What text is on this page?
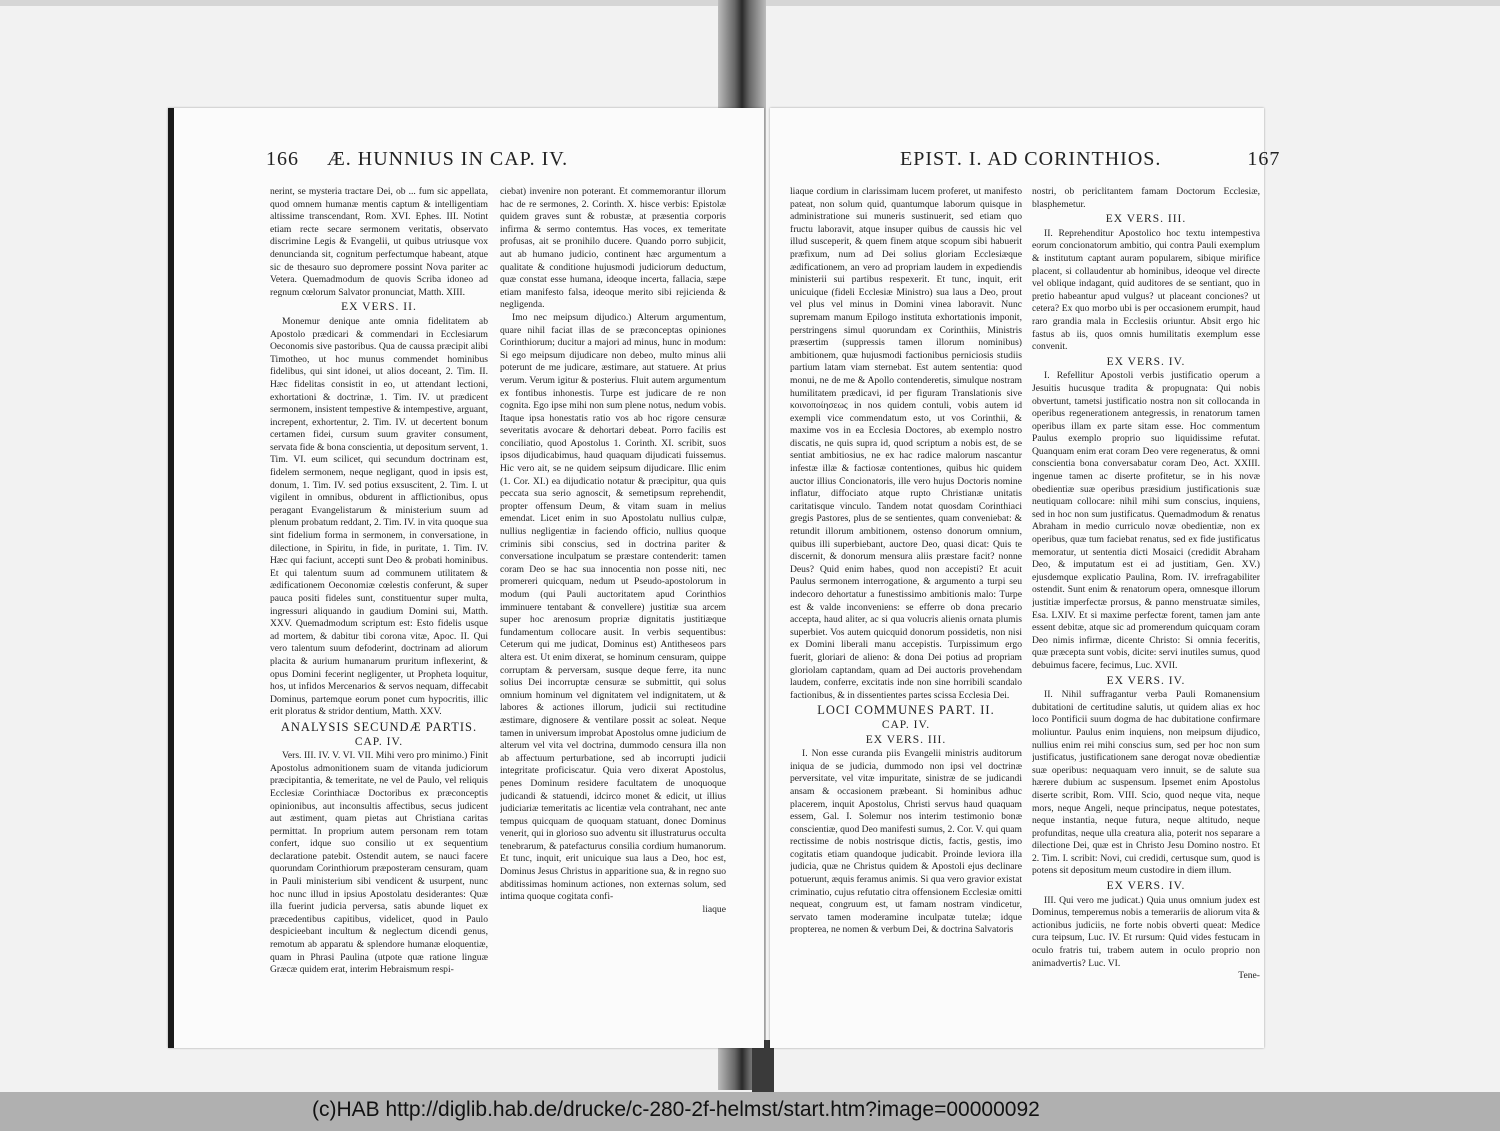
166 Æ. HUNNIUS IN CAP. IV.

nerint, se mysteria tractare Dei, ob ... fum sic appellata, quod omnem humanæ mentis captum & intelligentiam altissime transcendant, Rom. XVI. Ephes. III. Notint etiam recte secare sermonem veritatis, observato discrimine Legis & Evangelii, ut quibus utriusque vox denuncianda sit, cognitum perfectumque habeant, atque sic de thesauro suo depromere possint Nova pariter ac Vetera. Quemadmodum de quovis Scriba idoneo ad regnum cœlorum Salvator pronunciat, Matth. XIII.

EX VERS. II.

Monemur denique ante omnia fidelitatem ab Apostolo prædicari & commendari in Ecclesiarum Oeconomis sive pastoribus. Qua de caussa præcipit alibi Timotheo, ut hoc munus commendet hominibus fidelibus, qui sint idonei, ut alios doceant, 2. Tim. II. Hæc fidelitas consistit in eo, ut attendant lectioni, exhortationi & doctrinæ, 1. Tim. IV. ut prædicent sermonem, insistent tempestive & intempestive, arguant, increpent, exhortentur, 2. Tim. IV. ut decertent bonum certamen fidei, cursum suum graviter consument, servata fide & bona conscientia, ut depositum servent, 1. Tim. VI. eum scilicet, qui secundum doctrinam est, fidelem sermonem, neque negligant, quod in ipsis est, donum, 1. Tim. IV. sed potius exsuscitent, 2. Tim. I. ut vigilent in omnibus, obdurent in afflictionibus, opus peragant Evangelistarum & ministerium suum ad plenum probatum reddant, 2. Tim. IV. in vita quoque sua sint fidelium forma in sermonem, in conversatione, in dilectione, in Spiritu, in fide, in puritate, 1. Tim. IV. Hæc qui faciunt, accepti sunt Deo & probati hominibus. Et qui talentum suum ad communem utilitatem & ædificationem Oeconomiæ cœlestis conferunt, & super pauca positi fideles sunt, constituentur super multa, ingressuri aliquando in gaudium Domini sui, Matth. XXV. Quemadmodum scriptum est: Esto fidelis usque ad mortem, & dabitur tibi corona vitæ, Apoc. II. Qui vero talentum suum defoderint, doctrinam ad aliorum placita & aurium humanarum pruritum inflexerint, & opus Domini fecerint negligenter, ut Propheta loquitur, hos, ut infidos Mercenarios & servos nequam, diffecabit Dominus, partemque eorum ponet cum hypocritis, illic erit ploratus & stridor dentium, Matth. XXV.

ANALYSIS SECUNDÆ PARTIS.

CAP. IV.

Vers. III. IV. V. VI. VII. Mihi vero pro minimo.) Finit Apostolus admonitionem suam de vitanda judiciorum præcipitantia, & temeritate, ne vel de Paulo, vel reliquis Ecclesiæ Corinthiacæ Doctoribus ex præconceptis opinionibus, aut inconsultis affectibus, secus judicent aut æstiment, quam pietas aut Christiana caritas permittat. In proprium autem personam rem totam confert, idque suo consilio ut ex sequentium declaratione patebit. Ostendit autem, se nauci facere quorundam Corinthiorum præposteram censuram, quam in Pauli ministerium sibi vendicent & usurpent, nunc hoc nunc illud in ipsius Apostolatu desiderantes: Quæ illa fuerint judicia perversa, satis abunde liquet ex præcedentibus capitibus, videlicet, quod in Paulo despicieebant incultum & neglectum dicendi genus, remotum ab apparatu & splendore humanæ eloquentiæ, quam in Phrasi Paulina (utpote quæ ratione linguæ Græcæ quidem erat, interim Hebraismum respi-

ciebat) invenire non poterant. Et commemorantur illorum hac de re sermones, 2. Corinth. X. hisce verbis: Epistolæ quidem graves sunt & robustæ, at præsentia corporis infirma & sermo contemtus. Has voces, ex temeritate profusas, ait se pronihilo ducere. Quando porro subjicit, aut ab humano judicio, continent hæc argumentum a qualitate & conditione hujusmodi judiciorum deductum, quæ constat esse humana, ideoque incerta, fallacia, sæpe etiam manifesto falsa, ideoque merito sibi rejicienda & negligenda.

Imo nec meipsum dijudico.) Alterum argumentum, quare nihil faciat illas de se præconceptas opiniones Corinthiorum; ducitur a majori ad minus, hunc in modum: Si ego meipsum dijudicare non debeo, multo minus alii poterunt de me judicare, æstimare, aut statuere. At prius verum. Verum igitur & posterius. Fluit autem argumentum ex fontibus inhonestis. Turpe est judicare de re non cognita. Ego ipse mihi non sum plene notus, nedum vobis. Itaque ipsa honestatis ratio vos ab hoc rigore censuræ severitatis avocare & dehortari debeat. Porro facilis est conciliatio, quod Apostolus 1. Corinth. XI. scribit, suos ipsos dijudicabimus, haud quaquam dijudicati fuissemus. Hic vero ait, se ne quidem seipsum dijudicare. Illic enim (1. Cor. XI.) ea dijudicatio notatur & præcipitur, qua quis peccata sua serio agnoscit, & semetipsum reprehendit, propter offensum Deum, & vitam suam in melius emendat. Licet enim in suo Apostolatu nullius culpæ, nullius negligentiæ in faciendo officio, nullius quoque criminis sibi conscius, sed in doctrina pariter & conversatione inculpatum se præstare contenderit: tamen coram Deo se hac sua innocentia non posse niti, nec promereri quicquam, nedum ut Pseudo-apostolorum in modum (qui Pauli auctoritatem apud Corinthios imminuere tentabant & convellere) justitiæ sua arcem super hoc arenosum propriæ dignitatis justitiæque fundamentum collocare ausit. In verbis sequentibus: Ceterum qui me judicat, Dominus est) Antitheseos pars altera est. Ut enim dixerat, se hominum censuram, quippe corruptam & perversam, susque deque ferre, ita nunc solius Dei incorruptæ censuræ se submittit, qui solus omnium hominum vel dignitatem vel indignitatem, ut & labores & actiones illorum, judicii sui rectitudine æstimare, dignosere & ventilare possit ac soleat. Neque tamen in universum improbat Apostolus omne judicium de alterum vel vita vel doctrina, dummodo censura illa non ab affectuum perturbatione, sed ab incorrupti judicii integritate proficiscatur. Quia vero dixerat Apostolus, penes Dominum residere facultatem de unoquoque judicandi & statuendi, idcirco monet & edicit, ut illius judiciariæ temeritatis ac licentiæ vela contrahant, nec ante tempus quicquam de quoquam statuant, donec Dominus venerit, qui in glorioso suo adventu sit illustraturus occulta tenebrarum, & patefacturus consilia cordium humanorum. Et tunc, inquit, erit unicuique sua laus a Deo, hoc est, Dominus Jesus Christus in apparitione sua, & in regno suo abditissimas hominum actiones, non externas solum, sed intima quoque cogitata confi-

liaque

EPIST. I. AD CORINTHIOS.	167

liaque cordium in clarissimam lucem proferet, ut manifesto pateat, non solum quid, quantumque laborum quisque in administratione sui muneris sustinuerit, sed etiam quo fructu laboravit, atque insuper quibus de caussis hic vel illud susceperit, & quem finem atque scopum sibi habuerit præfixum, num ad Dei solius gloriam Ecclesiæque ædificationem, an vero ad propriam laudem in expediendis ministerii sui partibus respexerit. Et tunc, inquit, erit unicuique (fideli Ecclesiæ Ministro) sua laus a Deo, prout vel plus vel minus in Domini vinea laboravit. Nunc supremam manum Epilogo instituta exhortationis imponit, perstringens simul quorundam ex Corinthiis, Ministris præsertim (suppressis tamen illorum nominibus) ambitionem, quæ hujusmodi factionibus perniciosis studiis partium latam viam sternebat. Est autem sententia: quod monui, ne de me & Apollo contenderetis, simulque nostram humilitatem prædicavi, id per figuram Translationis sive κοινοποίησεως in nos quidem contuli, vobis autem id exempli vice commendatum esto, ut vos Corinthii, & maxime vos in ea Ecclesia Doctores, ab exemplo nostro discatis, ne quis supra id, quod scriptum a nobis est, de se sentiat ambitiosius, ne ex hac radice malorum nascantur infestæ illæ & factiosæ contentiones, quibus hic quidem auctor illius Concionatoris, ille vero hujus Doctoris nomine inflatur, diffociato atque rupto Christianæ unitatis caritatisque vinculo. Tandem notat quosdam Corinthiaci gregis Pastores, plus de se sentientes, quam conveniebat: & retundit illorum ambitionem, ostenso donorum omnium, quibus illi superbiebant, auctore Deo, quasi dicat: Quis te discernit, & donorum mensura aliis præstare facit? nonne Deus? Quid enim habes, quod non accepisti? Et acuit Paulus sermonem interrogatione, & argumento a turpi seu indecoro dehortatur a funestissimo ambitionis malo: Turpe est & valde inconveniens: se efferre ob dona precario accepta, haud aliter, ac si qua volucris alienis ornata plumis superbiet. Vos autem quicquid donorum possidetis, non nisi ex Domini liberali manu accepistis. Turpissimum ergo fuerit, gloriari de alieno: & dona Dei potius ad propriam gloriolam captandam, quam ad Dei auctoris provehendam laudem, conferre, excitatis inde non sine horribili scandalo factionibus, & in dissentientes partes scissa Ecclesia Dei.

LOCI COMMUNES PART. II.

CAP. IV.

EX VERS. III.

I. Non esse curanda piis Evangelii ministris auditorum iniqua de se judicia, dummodo non ipsi vel doctrinæ perversitate, vel vitæ impuritate, sinistræ de se judicandi ansam & occasionem præbeant. Si hominibus adhuc placerem, inquit Apostolus, Christi servus haud quaquam essem, Gal. I. Solemur nos interim testimonio bonæ conscientiæ, quod Deo manifesti sumus, 2. Cor. V. qui quam rectissime de nobis nostrisque dictis, factis, gestis, imo cogitatis etiam quandoque judicabit. Proinde leviora illa judicia, quæ ne Christus quidem & Apostoli ejus declinare potuerunt, æquis feramus animis. Si qua vero gravior existat criminatio, cujus refutatio citra offensionem Ecclesiæ omitti nequeat, congruum est, ut famam nostram vindicetur, servato tamen moderamine inculpatæ tutelæ; idque propterea, ne nomen & verbum Dei, & doctrina Salvatoris

nostri, ob periclitantem famam Doctorum Ecclesiæ, blasphemetur.

EX VERS. III.

II. Reprehenditur Apostolico hoc textu intempestiva eorum concionatorum ambitio, qui contra Pauli exemplum & institutum captant auram popularem, sibique mirifice placent, si collaudentur ab hominibus, ideoque vel directe vel oblique indagant, quid auditores de se sentiant, quo in pretio habeantur apud vulgus? ut placeant conciones? ut cetera? Ex quo morbo ubi is per occasionem erumpit, haud raro grandia mala in Ecclesiis oriuntur. Absit ergo hic fastus ab iis, quos omnis humilitatis exemplum esse convenit.

EX VERS. IV.

I. Refellitur Apostoli verbis justificatio operum a Jesuitis hucusque tradita & propugnata: Qui nobis obvertunt, tametsi justificatio nostra non sit collocanda in operibus regenerationem antegressis, in renatorum tamen operibus illam ex parte sitam esse. Hoc commentum Paulus exemplo proprio suo liquidissime refutat. Quanquam enim erat coram Deo vere regeneratus, & omni conscientia bona conversabatur coram Deo, Act. XXIII. ingenue tamen ac diserte profitetur, se in his novæ obedientiæ suæ operibus præsidium justificationis suæ neutiquam collocare: nihil mihi sum conscius, inquiens, sed in hoc non sum justificatus. Quemadmodum & renatus Abraham in medio curriculo novæ obedientiæ, non ex operibus, quæ tum faciebat renatus, sed ex fide justificatus memoratur, ut sententia dicti Mosaici (credidit Abraham Deo, & imputatum est ei ad justitiam, Gen. XV.) ejusdemque explicatio Paulina, Rom. IV. irrefragabiliter ostendit. Sunt enim & renatorum opera, omnesque illorum justitiæ imperfectæ prorsus, & panno menstruatæ similes, Esa. LXIV. Et si maxime perfectæ forent, tamen jam ante essent debitæ, atque sic ad promerendum quicquam coram Deo nimis infirmæ, dicente Christo: Si omnia feceritis, quæ præcepta sunt vobis, dicite: servi inutiles sumus, quod debuimus facere, fecimus, Luc. XVII.

EX VERS. IV.

II. Nihil suffragantur verba Pauli Romanensium dubitationi de certitudine salutis, ut quidem alias ex hoc loco Pontificii suum dogma de hac dubitatione confirmare moliuntur. Paulus enim inquiens, non meipsum dijudico, nullius enim rei mihi conscius sum, sed per hoc non sum justificatus, justificationem sane derogat novæ obedientiæ suæ operibus: nequaquam vero innuit, se de salute sua hærere dubium ac suspensum. Ipsemet enim Apostolus diserte scribit, Rom. VIII. Scio, quod neque vita, neque mors, neque Angeli, neque principatus, neque potestates, neque instantia, neque futura, neque altitudo, neque profunditas, neque ulla creatura alia, poterit nos separare a dilectione Dei, quæ est in Christo Jesu Domino nostro. Et 2. Tim. I. scribit: Novi, cui credidi, certusque sum, quod is potens sit depositum meum custodire in diem illum.

EX VERS. IV.

III. Qui vero me judicat.) Quia unus omnium judex est Dominus, temperemus nobis a temerariis de aliorum vita & actionibus judiciis, ne forte nobis obverti queat: Medice cura teipsum, Luc. IV. Et rursum: Quid vides festucam in oculo fratris tui, trabem autem in oculo proprio non animadvertis? Luc. VI.

Tene-

(c)HAB http://diglib.hab.de/drucke/c-280-2f-helmst/start.htm?image=00000092
